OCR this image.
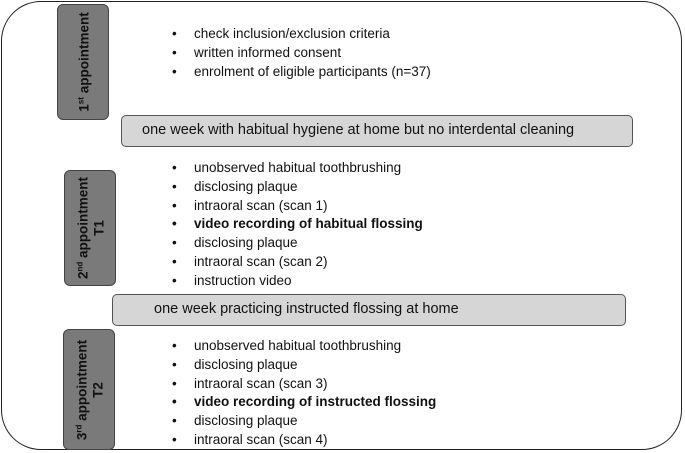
1st appointment
•	check inclusion/exclusion criteria
• written informed consent
• enrolment of eligible participants (n=37)
one week with habitual hygiene at home but no interdental cleaning
2nd appointment T1
• unobserved habitual toothbrushing
• disclosing plaque
• intraoral scan (scan 1)
• video recording of habitual flossing
• disclosing plaque
• intraoral scan (scan 2)
• instruction video
one week practicing instructed flossing at home
3rd appointment T2
• unobserved habitual toothbrushing
• disclosing plaque
• intraoral scan (scan 3)
• video recording of instructed flossing
• disclosing plaque
• intraoral scan (scan 4)
